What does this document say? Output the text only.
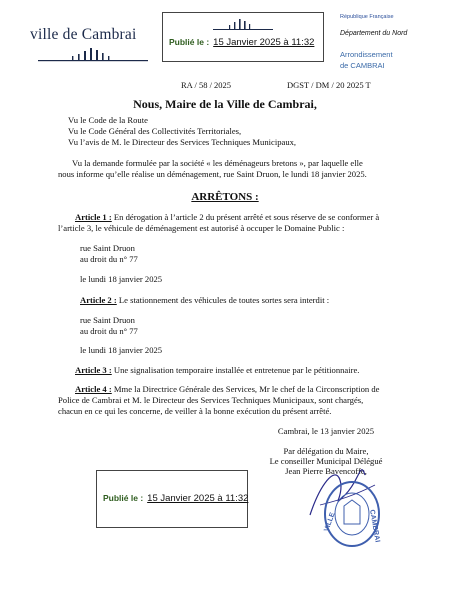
ville de Cambrai	Publié le : 15 Janvier 2025 à 11:32
République Française
Département du Nord
Arrondissement
de CAMBRAI
RA / 58 / 2025	DGST / DM / 20 2025 T
Nous, Maire de la Ville de Cambrai,
Vu le Code de la Route
Vu le Code Général des Collectivités Territoriales,
Vu l’avis de M. le Directeur des Services Techniques Municipaux,
Vu la demande formulée par la société « les déménageurs bretons », par laquelle elle
nous informe qu’elle réalise un déménagement, rue Saint Druon, le lundi 18 janvier 2025.
ARRÊTONS :
Article 1 : En dérogation à l’article 2 du présent arrêté et sous réserve de se conformer à
l’article 3, le véhicule de déménagement est autorisé à occuper le Domaine Public :
rue Saint Druon
au droit du n° 77
le lundi 18 janvier 2025
Article 2 : Le stationnement des véhicules de toutes sortes sera interdit :
rue Saint Druon
au droit du n° 77
le lundi 18 janvier 2025
Article 3 : Une signalisation temporaire installée et entretenue par le pétitionnaire.
Article 4 : Mme la Directrice Générale des Services, Mr le chef de la Circonscription de
Police de Cambrai et M. le Directeur des Services Techniques Municipaux, sont chargés,
chacun en ce qui les concerne, de veiller à la bonne exécution du présent arrêté.
Cambrai, le 13 janvier 2025
Par délégation du Maire,
Le conseiller Municipal Délégué
Jean Pierre Bavencoffe,
Publié le : 15 Janvier 2025 à 11:32
CAMBRAI
VILLE
